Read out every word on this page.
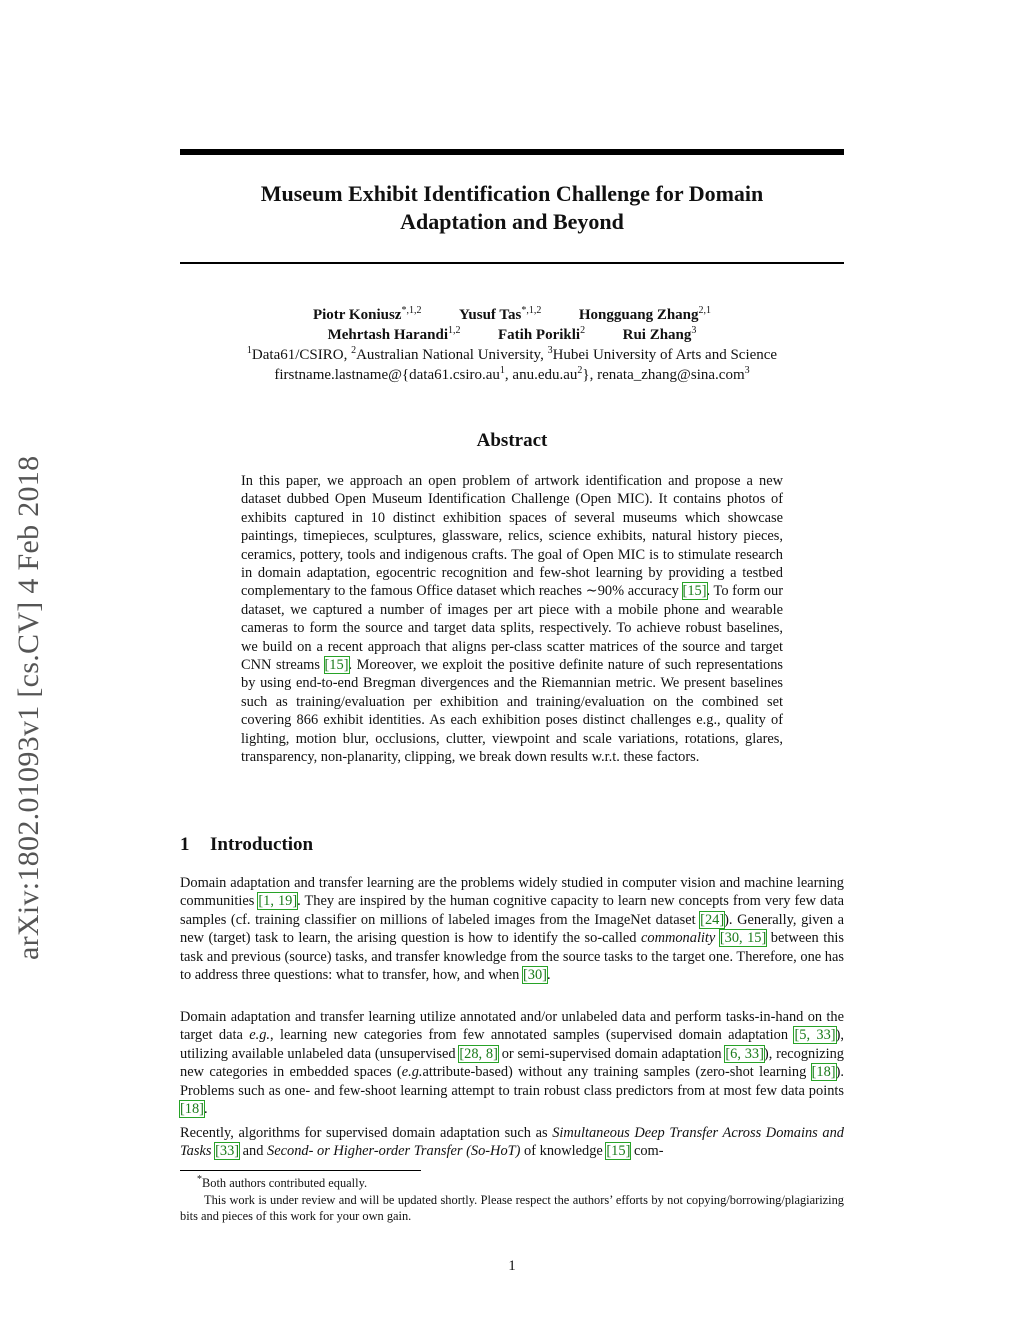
arXiv:1802.01093v1 [cs.CV] 4 Feb 2018
Museum Exhibit Identification Challenge for Domain
Adaptation and Beyond
Piotr Koniusz$^{*,1,2}$	Yusuf Tas$^{*,1,2}$	Hongguang Zhang$^{2,1}$
Mehrtash Harandi$^{1,2}$	Fatih Porikli$^2$	Rui Zhang$^3$
$^1$Data61/CSIRO, $^2$Australian National University, $^3$Hubei University of Arts and Science
$firstname.lastname@\{data61.csiro.au^1$, $anu.edu.au^2$}, renata_zhang@sina.com$^3$
Abstract
In this paper, we approach an open problem of artwork identification and propose a new dataset dubbed Open Museum Identification Challenge (Open MIC). It contains photos of exhibits captured in 10 distinct exhibition spaces of several museums which showcase paintings, timepieces, sculptures, glassware, relics, science exhibits, natural history pieces, ceramics, pottery, tools and indigenous crafts. The goal of Open MIC is to stimulate research in domain adaptation, egocentric recognition and few-shot learning by providing a testbed complementary to the famous Office dataset which reaches ∼90% accuracy [15]. To form our dataset, we captured a number of images per art piece with a mobile phone and wearable cameras to form the source and target data splits, respectively. To achieve robust baselines, we build on a recent approach that aligns per-class scatter matrices of the source and target CNN streams [15]. Moreover, we exploit the positive definite nature of such representations by using end-to-end Bregman divergences and the Riemannian metric. We present baselines such as training/evaluation per exhibition and training/evaluation on the combined set covering 866 exhibit identities. As each exhibition poses distinct challenges e.g., quality of lighting, motion blur, occlusions, clutter, viewpoint and scale variations, rotations, glares, transparency, non-planarity, clipping, we break down results w.r.t. these factors.
1 Introduction
Domain adaptation and transfer learning are the problems widely studied in computer vision and machine learning communities [1, 19]. They are inspired by the human cognitive capacity to learn new concepts from very few data samples (cf. training classifier on millions of labeled images from the ImageNet dataset [24]). Generally, given a new (target) task to learn, the arising question is how to identify the so-called commonality [30, 15] between this task and previous (source) tasks, and transfer knowledge from the source tasks to the target one. Therefore, one has to address three questions: what to transfer, how, and when [30].
Domain adaptation and transfer learning utilize annotated and/or unlabeled data and perform tasks-in-hand on the target data e.g., learning new categories from few annotated samples (supervised domain adaptation [5, 33]), utilizing available unlabeled data (unsupervised [28, 8] or semi-supervised domain adaptation [6, 33]), recognizing new categories in embedded spaces (e.g.attribute-based) without any training samples (zero-shot learning [18]). Problems such as one- and few-shoot learning attempt to train robust class predictors from at most few data points [18].
Recently, algorithms for supervised domain adaptation such as Simultaneous Deep Transfer Across Domains and Tasks [33] and Second- or Higher-order Transfer (So-HoT) of knowledge [15] com-
*Both authors contributed equally.
This work is under review and will be updated shortly. Please respect the authors’ efforts by not copying/borrowing/plagiarizing bits and pieces of this work for your own gain.
1
